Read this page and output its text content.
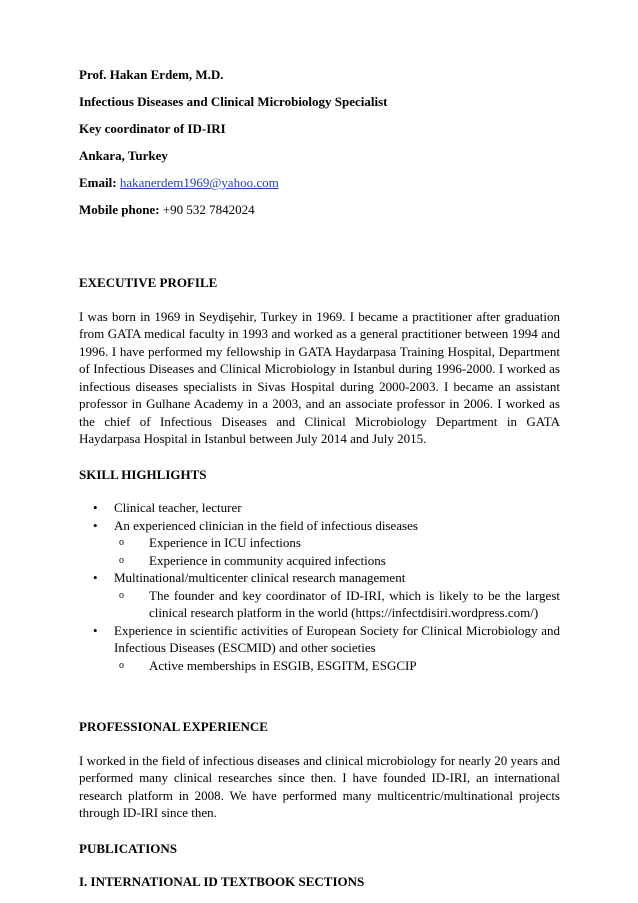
Prof. Hakan Erdem, M.D.

Infectious Diseases and Clinical Microbiology Specialist

Key coordinator of ID-IRI

Ankara, Turkey

Email: hakanerdem1969@yahoo.com

Mobile phone: +90 532 7842024

EXECUTIVE PROFILE

I was born in 1969 in Seydişehir, Turkey in 1969. I became a practitioner after graduation from GATA medical faculty in 1993 and worked as a general practitioner between 1994 and 1996. I have performed my fellowship in GATA Haydarpasa Training Hospital, Department of Infectious Diseases and Clinical Microbiology in Istanbul during 1996-2000. I worked as infectious diseases specialists in Sivas Hospital during 2000-2003. I became an assistant professor in Gulhane Academy in a 2003, and an associate professor in 2006. I worked as the chief of Infectious Diseases and Clinical Microbiology Department in GATA Haydarpasa Hospital in Istanbul between July 2014 and July 2015.

SKILL HIGHLIGHTS

• Clinical teacher, lecturer
• An experienced clinician in the field of infectious diseases
o Experience in ICU infections
o Experience in community acquired infections
• Multinational/multicenter clinical research management
o The founder and key coordinator of ID-IRI, which is likely to be the largest clinical research platform in the world (https://infectdisiri.wordpress.com/)
• Experience in scientific activities of European Society for Clinical Microbiology and Infectious Diseases (ESCMID) and other societies
o Active memberships in ESGIB, ESGITM, ESGCIP

PROFESSIONAL EXPERIENCE

I worked in the field of infectious diseases and clinical microbiology for nearly 20 years and performed many clinical researches since then. I have founded ID-IRI, an international research platform in 2008. We have performed many multicentric/multinational projects through ID-IRI since then.

PUBLICATIONS

I. INTERNATIONAL ID TEXTBOOK SECTIONS
